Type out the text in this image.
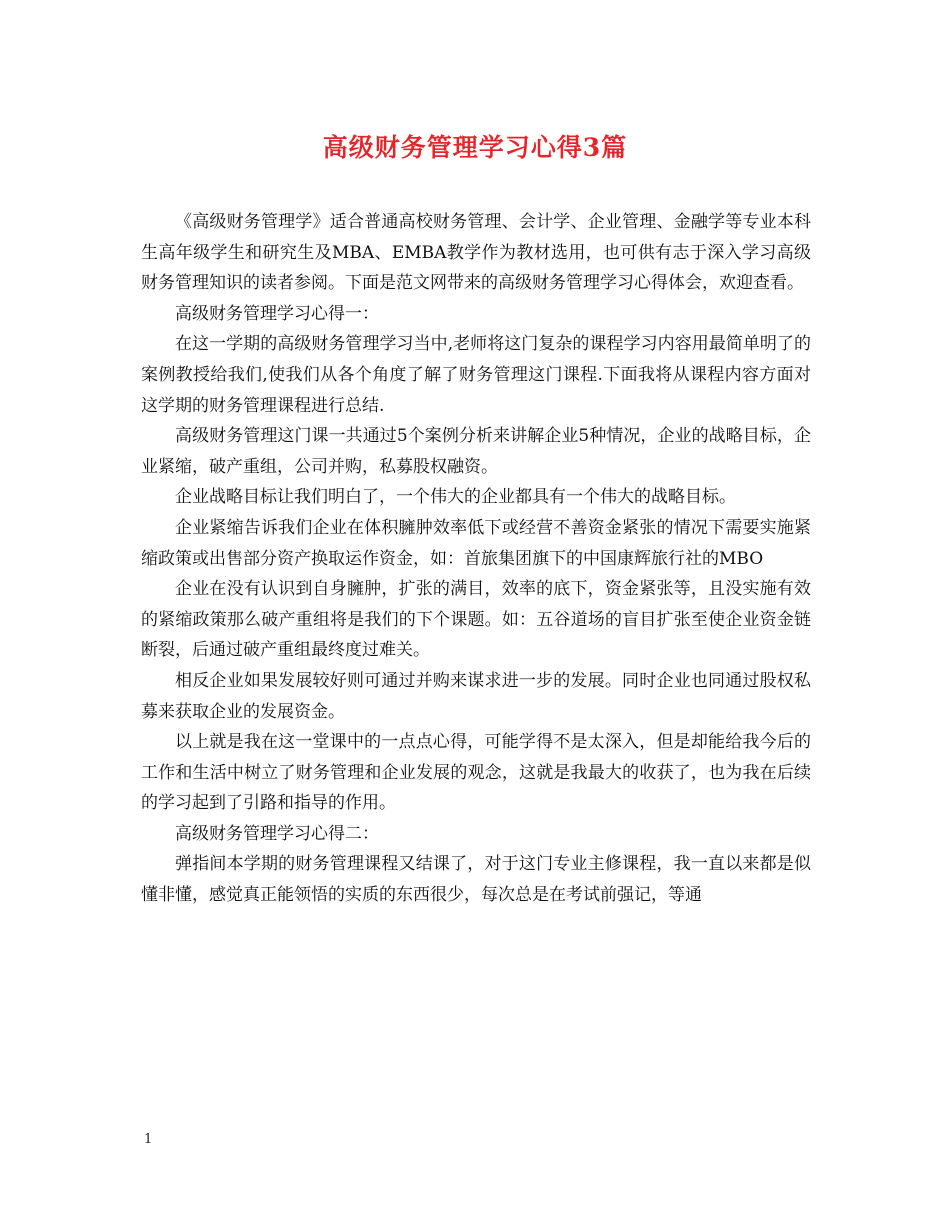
高级财务管理学习心得3篇

《高级财务管理学》适合普通高校财务管理、会计学、企业管理、金融学等专业本科生高年级学生和研究生及MBA、EMBA教学作为教材选用，也可供有志于深入学习高级财务管理知识的读者参阅。下面是范文网带来的高级财务管理学习心得体会，欢迎查看。

高级财务管理学习心得一：

在这一学期的高级财务管理学习当中,老师将这门复杂的课程学习内容用最简单明了的案例教授给我们,使我们从各个角度了解了财务管理这门课程.下面我将从课程内容方面对这学期的财务管理课程进行总结.

高级财务管理这门课一共通过5个案例分析来讲解企业5种情况，企业的战略目标，企业紧缩，破产重组，公司并购，私募股权融资。

企业战略目标让我们明白了，一个伟大的企业都具有一个伟大的战略目标。

企业紧缩告诉我们企业在体积臃肿效率低下或经营不善资金紧张的情况下需要实施紧缩政策或出售部分资产换取运作资金，如：首旅集团旗下的中国康辉旅行社的MBO

企业在没有认识到自身臃肿，扩张的满目，效率的底下，资金紧张等，且没实施有效的紧缩政策那么破产重组将是我们的下个课题。如：五谷道场的盲目扩张至使企业资金链断裂，后通过破产重组最终度过难关。

相反企业如果发展较好则可通过并购来谋求进一步的发展。同时企业也同通过股权私募来获取企业的发展资金。

以上就是我在这一堂课中的一点点心得，可能学得不是太深入，但是却能给我今后的工作和生活中树立了财务管理和企业发展的观念，这就是我最大的收获了，也为我在后续的学习起到了引路和指导的作用。

高级财务管理学习心得二：

弹指间本学期的财务管理课程又结课了，对于这门专业主修课程，我一直以来都是似懂非懂，感觉真正能领悟的实质的东西很少，每次总是在考试前强记，等通

1
